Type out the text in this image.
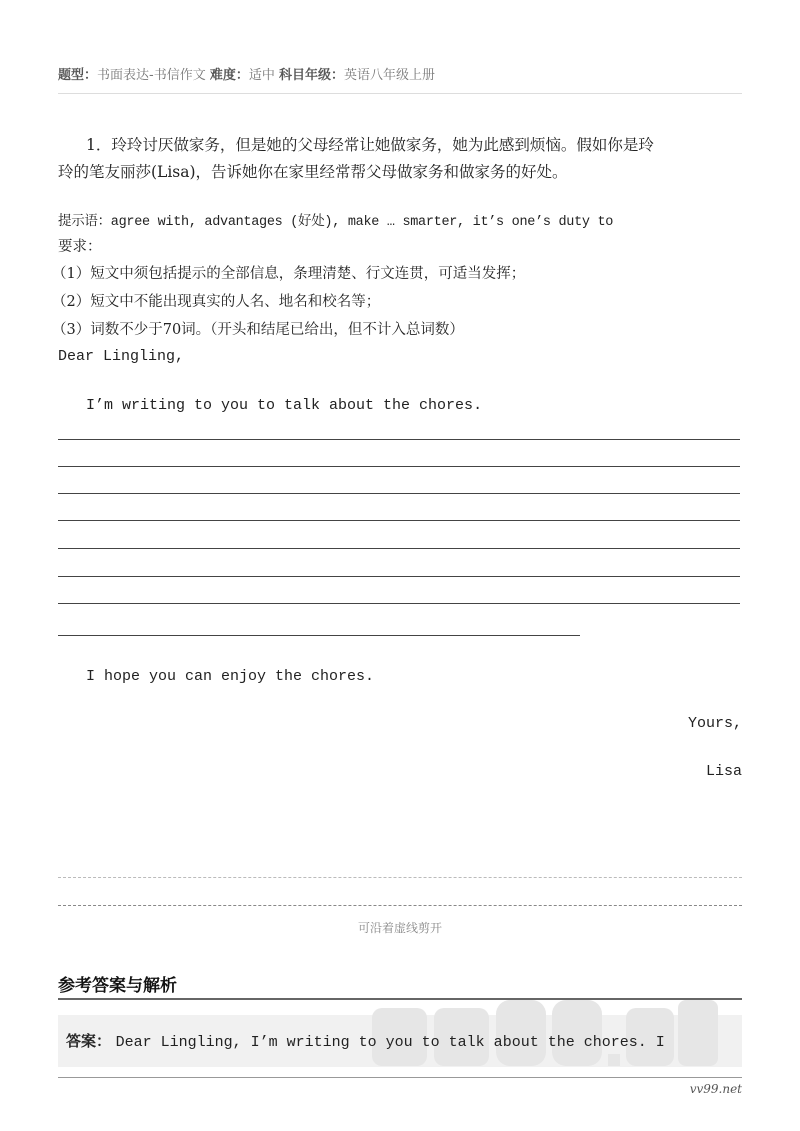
题型：书面表达-书信作文 难度：适中 科目年级：英语八年级上册
1．玲玲讨厌做家务，但是她的父母经常让她做家务，她为此感到烦恼。假如你是玲
玲的笔友丽莎(Lisa)，告诉她你在家里经常帮父母做家务和做家务的好处。
提示语：agree with, advantages (好处), make … smarter, it’s one’s duty to
要求：
（1）短文中须包括提示的全部信息，条理清楚、行文连贯，可适当发挥；
（2）短文中不能出现真实的人名、地名和校名等；
（3）词数不少于70词。（开头和结尾已给出，但不计入总词数）
Dear Lingling,
I’m writing to you to talk about the chores.
I hope you can enjoy the chores.
Yours,
Lisa
可沿着虚线剪开
参考答案与解析
答案： Dear Lingling, I’m writing to you to talk about the chores. I
vv99.net
